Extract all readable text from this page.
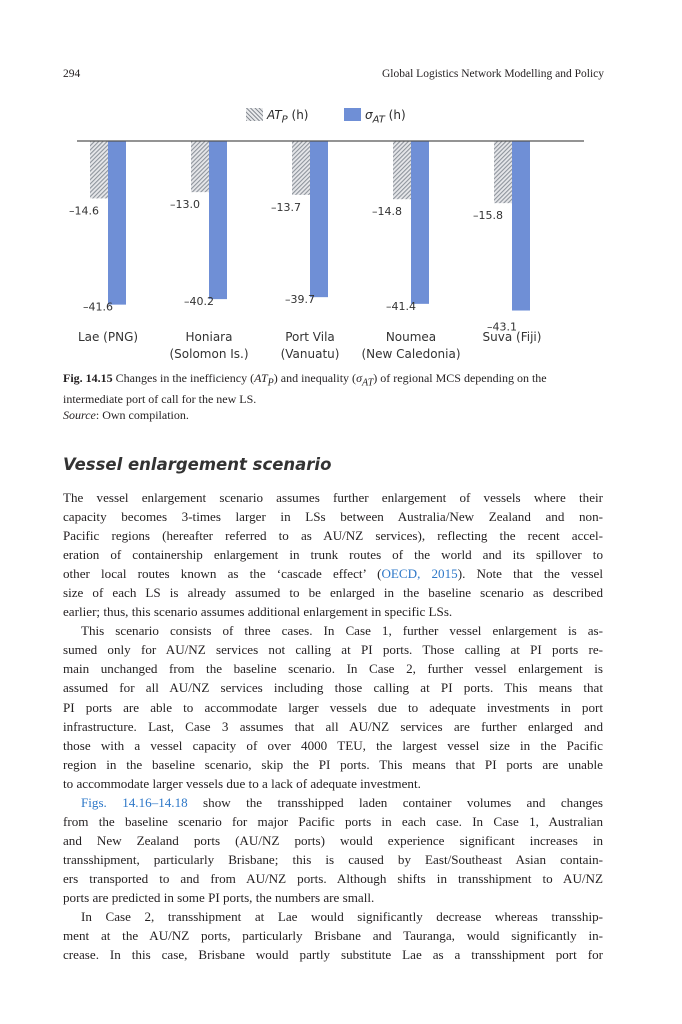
294	Global Logistics Network Modelling and Policy
$AT_P$ (h)	$\sigma_{AT}$ (h)
–14.6
–41.6
Lae (PNG)
–13.0
–40.2
Honiara
(Solomon Is.)
–13.7
–39.7
Port Vila
(Vanuatu)
–14.8
–41.4
Noumea
(New Caledonia)
–15.8
–43.1
Suva (Fiji)
Fig. 14.15 Changes in the inefficiency $(AT_P)$ and inequality $(\sigma_{AT})$ of regional MCS depending on the intermediate port of call for the new LS.
Source: Own compilation.
Vessel enlargement scenario

The vessel enlargement scenario assumes further enlargement of vessels where their
capacity becomes 3-times larger in LSs between Australia/New Zealand and non-
Pacific regions (hereafter referred to as AU/NZ services), reflecting the recent accel-
eration of containership enlargement in trunk routes of the world and its spillover to
other local routes known as the ‘cascade effect’ (OECD, 2015). Note that the vessel
size of each LS is already assumed to be enlarged in the baseline scenario as described
earlier; thus, this scenario assumes additional enlargement in specific LSs.

This scenario consists of three cases. In Case 1, further vessel enlargement is as-
sumed only for AU/NZ services not calling at PI ports. Those calling at PI ports re-
main unchanged from the baseline scenario. In Case 2, further vessel enlargement is
assumed for all AU/NZ services including those calling at PI ports. This means that
PI ports are able to accommodate larger vessels due to adequate investments in port
infrastructure. Last, Case 3 assumes that all AU/NZ services are further enlarged and
those with a vessel capacity of over 4000 TEU, the largest vessel size in the Pacific
region in the baseline scenario, skip the PI ports. This means that PI ports are unable
to accommodate larger vessels due to a lack of adequate investment.

Figs. 14.16–14.18 show the transshipped laden container volumes and changes
from the baseline scenario for major Pacific ports in each case. In Case 1, Australian
and New Zealand ports (AU/NZ ports) would experience significant increases in
transshipment, particularly Brisbane; this is caused by East/Southeast Asian contain-
ers transported to and from AU/NZ ports. Although shifts in transshipment to AU/NZ
ports are predicted in some PI ports, the numbers are small.

In Case 2, transshipment at Lae would significantly decrease whereas transship-
ment at the AU/NZ ports, particularly Brisbane and Tauranga, would significantly in-
crease. In this case, Brisbane would partly substitute Lae as a transshipment port for
